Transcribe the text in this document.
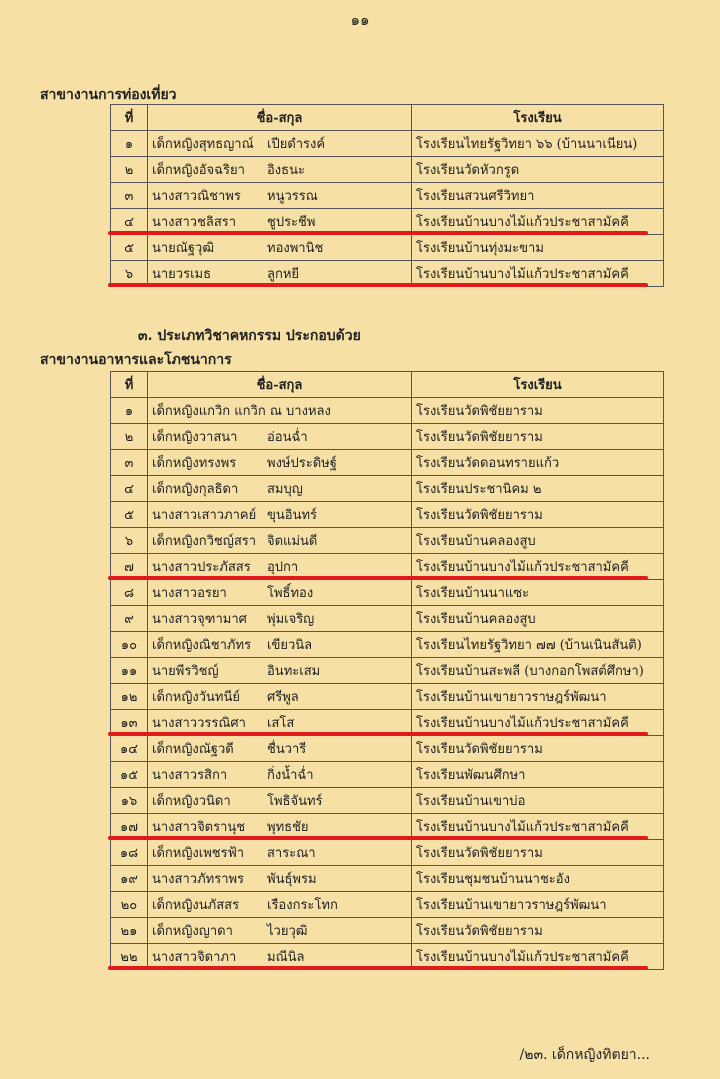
๑๑
สาขางานการท่องเที่ยว
ที่	ชื่อ-สกุล	โรงเรียน
๑	เด็กหญิงสุทธญาณ์ เปียดำรงค์	โรงเรียนไทยรัฐวิทยา ๖๖ (บ้านนาเนียน)
๒	เด็กหญิงอัจฉริยา อิงธนะ	โรงเรียนวัดหัวกรูด
๓	นางสาวณิชาพร หนูวรรณ	โรงเรียนสวนศรีวิทยา
๔	นางสาวชลิสรา ชูประชีพ	โรงเรียนบ้านบางไม้แก้วประชาสามัคคี
๕	นายณัฐวุฒิ ทองพานิช	โรงเรียนบ้านทุ่งมะขาม
๖	นายวรเมธ ลูกหยี	โรงเรียนบ้านบางไม้แก้วประชาสามัคคี
๓. ประเภทวิชาคหกรรม ประกอบด้วย
สาขางานอาหารและโภชนาการ
ที่	ชื่อ-สกุล	โรงเรียน
๑	เด็กหญิงแกวิก แกวิก ณ บางหลง	โรงเรียนวัดพิชัยยาราม
๒	เด็กหญิงวาสนา อ่อนฉ่ำ	โรงเรียนวัดพิชัยยาราม
๓	เด็กหญิงทรงพร พงษ์ประดิษฐ์	โรงเรียนวัดดอนทรายแก้ว
๔	เด็กหญิงกุลธิดา สมบุญ	โรงเรียนประชานิคม ๒
๕	นางสาวเสาวภาคย์ ขุนอินทร์	โรงเรียนวัดพิชัยยาราม
๖	เด็กหญิงกวิชญ์สรา จิตแม่นดี	โรงเรียนบ้านคลองสูบ
๗	นางสาวประภัสสร อุปกา	โรงเรียนบ้านบางไม้แก้วประชาสามัคคี
๘	นางสาวอรยา โพธิ์ทอง	โรงเรียนบ้านนาแซะ
๙	นางสาวจุฑามาศ พุ่มเจริญ	โรงเรียนบ้านคลองสูบ
๑๐	เด็กหญิงณิชาภัทร เขียวนิล	โรงเรียนไทยรัฐวิทยา ๗๗ (บ้านเนินสันติ)
๑๑	นายพีรวิชญ์ อินทะเสม	โรงเรียนบ้านสะพลี (บางกอกโพสต์ศึกษา)
๑๒	เด็กหญิงวันทนีย์ ศรีพูล	โรงเรียนบ้านเขายาวราษฎร์พัฒนา
๑๓	นางสาววรรณิศา เสโส	โรงเรียนบ้านบางไม้แก้วประชาสามัคคี
๑๔	เด็กหญิงณัฐวดี ชื่นวารี	โรงเรียนวัดพิชัยยาราม
๑๕	นางสาวรสิกา กิ่งน้ำฉ่ำ	โรงเรียนพัฒนศึกษา
๑๖	เด็กหญิงวนิดา โพธิจันทร์	โรงเรียนบ้านเขาบ่อ
๑๗	นางสาวจิตรานุช พุทธชัย	โรงเรียนบ้านบางไม้แก้วประชาสามัคคี
๑๘	เด็กหญิงเพชรฟ้า สาระณา	โรงเรียนวัดพิชัยยาราม
๑๙	นางสาวภัทราพร พันธุ์พรม	โรงเรียนชุมชนบ้านนาชะอัง
๒๐	เด็กหญิงนภัสสร เรืองกระโทก	โรงเรียนบ้านเขายาวราษฎร์พัฒนา
๒๑	เด็กหญิงญาดา ไวยวุฒิ	โรงเรียนวัดพิชัยยาราม
๒๒	นางสาวจิดาภา มณีนิล	โรงเรียนบ้านบางไม้แก้วประชาสามัคคี
/๒๓. เด็กหญิงทิตยา...
